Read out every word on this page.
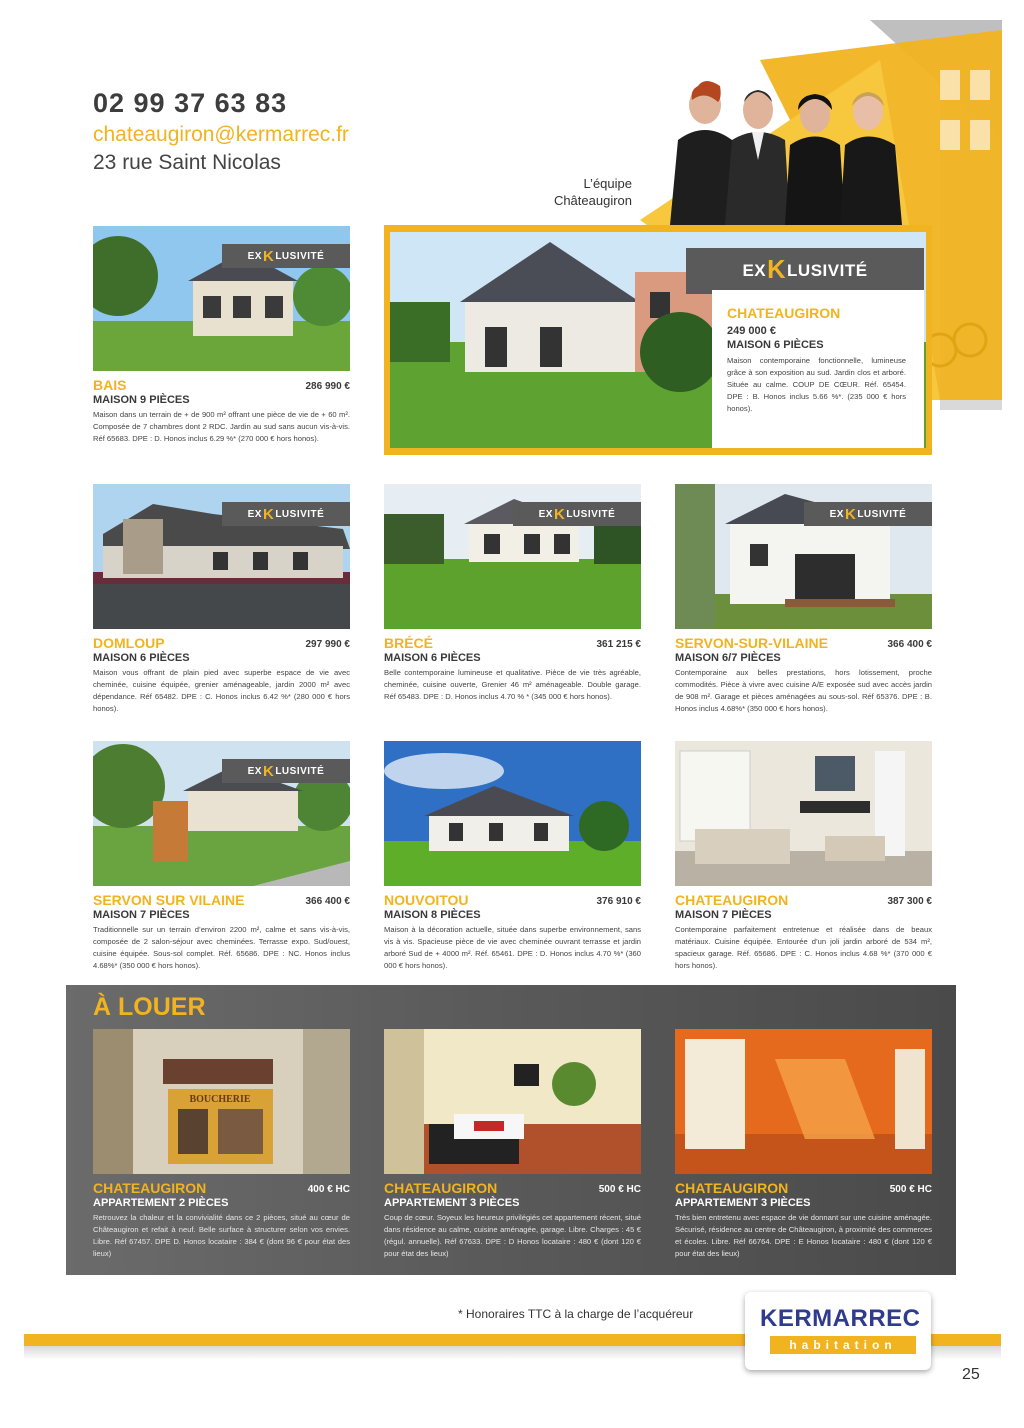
02 99 37 63 83
chateaugiron@kermarrec.fr
23 rue Saint Nicolas
L’équipe
Châteaugiron
EX K LUSIVITÉ
BAIS	286 990 €
MAISON 9 PIÈCES
Maison dans un terrain de + de 900 m² offrant une pièce de vie de + 60 m². Composée de 7 chambres dont 2 RDC. Jardin au sud sans aucun vis-à-vis. Réf 65683. DPE : D. Honos inclus 6.29 %* (270 000 € hors honos).
EX K LUSIVITÉ
CHATEAUGIRON
249 000 €
MAISON 6 PIÈCES
Maison contemporaine fonctionnelle, lumineuse grâce à son exposition au sud. Jardin clos et arboré. Située au calme. COUP DE CŒUR. Réf. 65454. DPE : B. Honos inclus 5.66 %*. (235 000 € hors honos).
EX K LUSIVITÉ
DOMLOUP	297 990 €
MAISON 6 PIÈCES
Maison vous offrant de plain pied avec superbe espace de vie avec cheminée, cuisine équipée, grenier aménageable, jardin 2000 m² avec dépendance. Réf 65482. DPE : C. Honos inclus 6.42 %* (280 000 € hors honos).
EX K LUSIVITÉ
BRÉCÉ	361 215 €
MAISON 6 PIÈCES
Belle contemporaine lumineuse et qualitative. Pièce de vie très agréable, cheminée, cuisine ouverte, Grenier 46 m² aménageable. Double garage. Réf 65483. DPE : D. Honos inclus 4.70 % * (345 000 € hors honos).
EX K LUSIVITÉ
SERVON-SUR-VILAINE	366 400 €
MAISON 6/7 PIÈCES
Contemporaine aux belles prestations, hors lotissement, proche commodités. Pièce à vivre avec cuisine A/E exposée sud avec accès jardin de 908 m². Garage et pièces aménagées au sous-sol. Réf 65376. DPE : B. Honos inclus 4.68%* (350 000 € hors honos).
EX K LUSIVITÉ
SERVON SUR VILAINE	366 400 €
MAISON 7 PIÈCES
Traditionnelle sur un terrain d’environ 2200 m², calme et sans vis-à-vis, composée de 2 salon-séjour avec cheminées. Terrasse expo. Sud/ouest, cuisine équipée. Sous-sol complet. Réf. 65686. DPE : NC. Honos inclus 4.68%* (350 000 € hors honos).
NOUVOITOU	376 910 €
MAISON 8 PIÈCES
Maison à la décoration actuelle, située dans superbe environnement, sans vis à vis. Spacieuse pièce de vie avec cheminée ouvrant terrasse et jardin arboré Sud de + 4000 m². Réf. 65461. DPE : D. Honos inclus 4.70 %* (360 000 € hors honos).
CHATEAUGIRON	387 300 €
MAISON 7 PIÈCES
Contemporaine parfaitement entretenue et réalisée dans de beaux matériaux. Cuisine équipée. Entourée d’un joli jardin arboré de 534 m², spacieux garage. Réf. 65686. DPE : C. Honos inclus 4.68 %* (370 000 € hors honos).
À LOUER
BOUCHERIE
CHATEAUGIRON	400 € HC
APPARTEMENT 2 PIÈCES
Retrouvez la chaleur et la convivialité dans ce 2 pièces, situé au cœur de Châteaugiron et refait à neuf. Belle surface à structurer selon vos envies. Libre. Réf 67457. DPE D. Honos locataire : 384 € (dont 96 € pour état des lieux)
CHATEAUGIRON	500 € HC
APPARTEMENT 3 PIÈCES
Coup de cœur. Soyeux les heureux privilégiés cet appartement récent, situé dans résidence au calme, cuisine aménagée, garage. Libre. Charges : 45 € (régul. annuelle). Réf 67633. DPE : D Honos locataire : 480 € (dont 120 € pour état des lieux)
CHATEAUGIRON	500 € HC
APPARTEMENT 3 PIÈCES
Très bien entretenu avec espace de vie donnant sur une cuisine aménagée. Sécurisé, résidence au centre de Châteaugiron, à proximité des commerces et écoles. Libre. Réf 66764. DPE : E Honos locataire : 480 € (dont 120 € pour état des lieux)
* Honoraires TTC à la charge de l’acquéreur	KERMARREC
habitation
25
